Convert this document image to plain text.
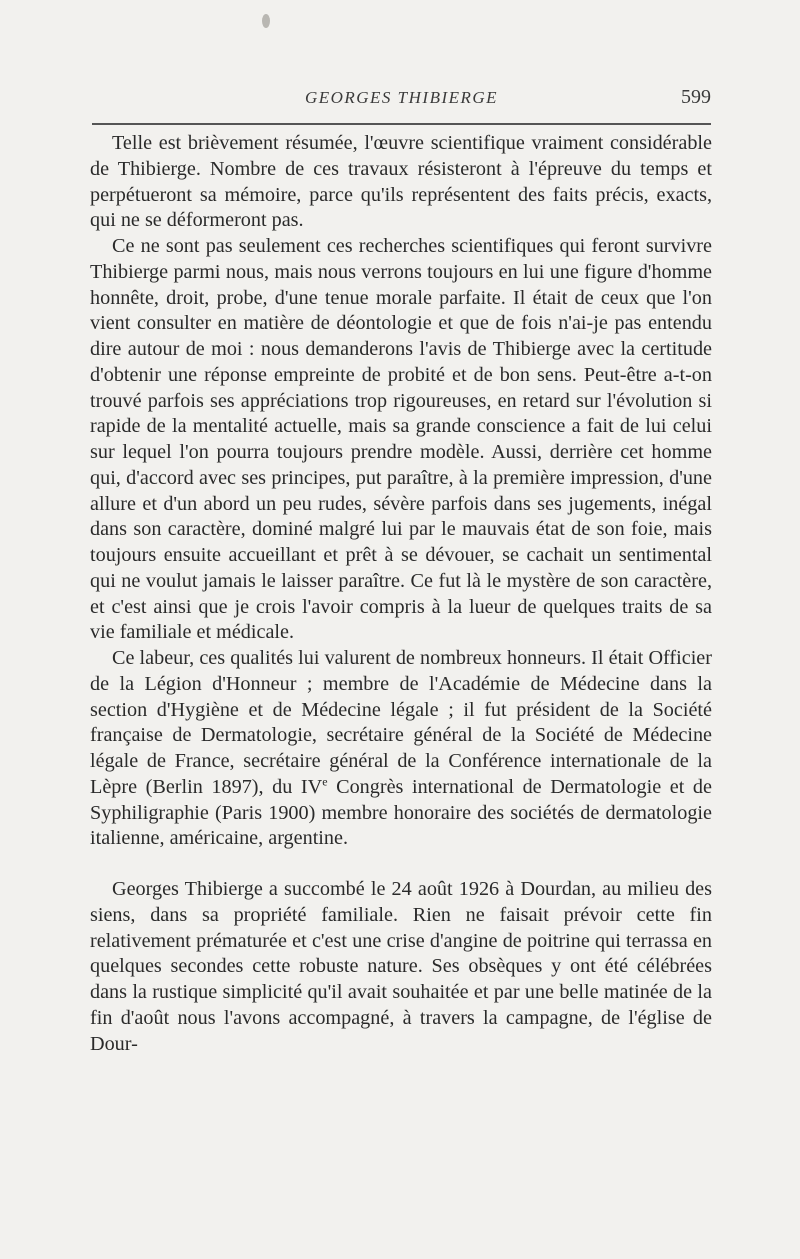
GEORGES THIBIERGE	599

Telle est brièvement résumée, l'œuvre scientifique vraiment considérable de Thibierge. Nombre de ces travaux résisteront à l'épreuve du temps et perpétueront sa mémoire, parce qu'ils représentent des faits précis, exacts, qui ne se déformeront pas.

Ce ne sont pas seulement ces recherches scientifiques qui feront survivre Thibierge parmi nous, mais nous verrons toujours en lui une figure d'homme honnête, droit, probe, d'une tenue morale parfaite. Il était de ceux que l'on vient consulter en matière de déontologie et que de fois n'ai-je pas entendu dire autour de moi : nous demanderons l'avis de Thibierge avec la certitude d'obtenir une réponse empreinte de probité et de bon sens. Peut-être a-t-on trouvé parfois ses appréciations trop rigoureuses, en retard sur l'évolution si rapide de la mentalité actuelle, mais sa grande conscience a fait de lui celui sur lequel l'on pourra toujours prendre modèle. Aussi, derrière cet homme qui, d'accord avec ses principes, put paraître, à la première impression, d'une allure et d'un abord un peu rudes, sévère parfois dans ses jugements, inégal dans son caractère, dominé malgré lui par le mauvais état de son foie, mais toujours ensuite accueillant et prêt à se dévouer, se cachait un sentimental qui ne voulut jamais le laisser paraître. Ce fut là le mystère de son caractère, et c'est ainsi que je crois l'avoir compris à la lueur de quelques traits de sa vie familiale et médicale.

Ce labeur, ces qualités lui valurent de nombreux honneurs. Il était Officier de la Légion d'Honneur ; membre de l'Académie de Médecine dans la section d'Hygiène et de Médecine légale ; il fut président de la Société française de Dermatologie, secrétaire général de la Société de Médecine légale de France, secrétaire général de la Conférence internationale de la Lèpre (Berlin 1897), du IVe Congrès international de Dermatologie et de Syphiligraphie (Paris 1900) membre honoraire des sociétés de dermatologie italienne, américaine, argentine.

Georges Thibierge a succombé le 24 août 1926 à Dourdan, au milieu des siens, dans sa propriété familiale. Rien ne faisait prévoir cette fin relativement prématurée et c'est une crise d'angine de poitrine qui terrassa en quelques secondes cette robuste nature. Ses obsèques y ont été célébrées dans la rustique simplicité qu'il avait souhaitée et par une belle matinée de la fin d'août nous l'avons accompagné, à travers la campagne, de l'église de Dour-
